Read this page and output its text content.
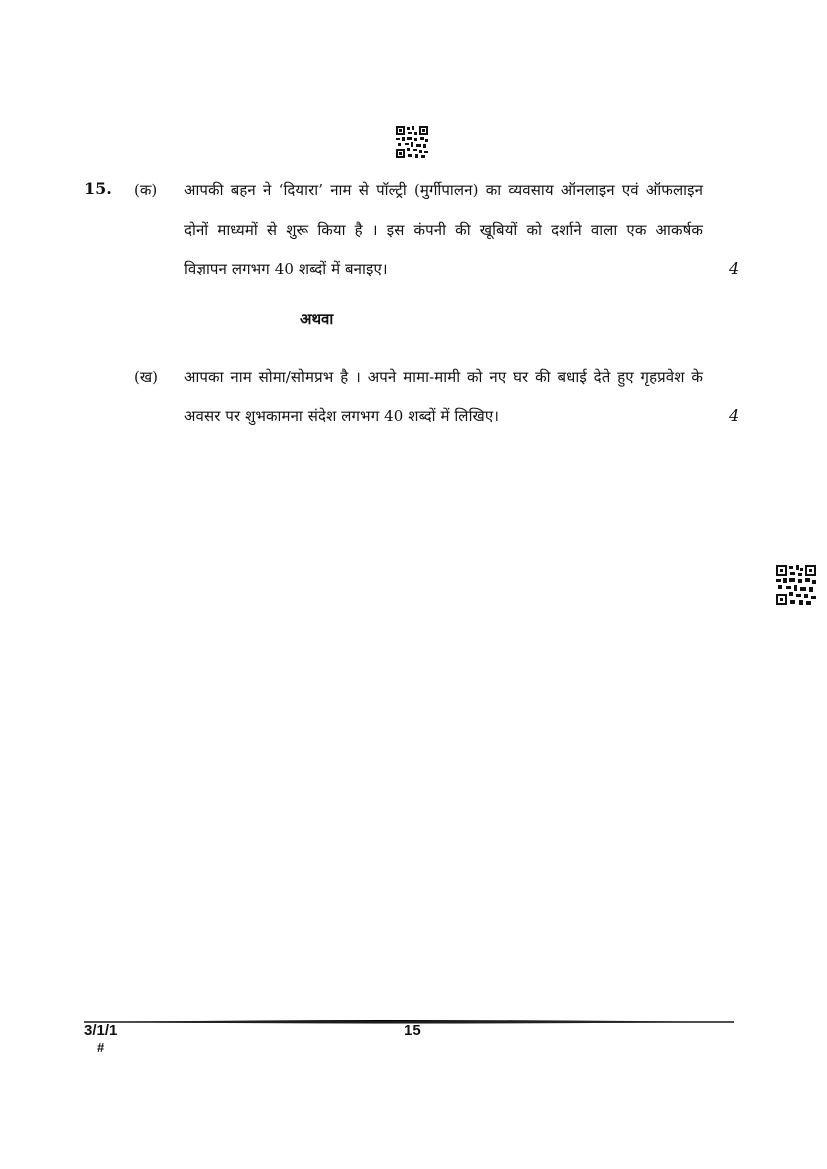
15. (क) आपकी बहन ने ‘दियारा’ नाम से पॉल्ट्री (मुर्गीपालन) का व्यवसाय ऑनलाइन एवं ऑफलाइन
दोनों माध्यमों से शुरू किया है । इस कंपनी की खूबियों को दर्शाने वाला एक आकर्षक
विज्ञापन लगभग 40 शब्दों में बनाइए।	4
अथवा
(ख) आपका नाम सोमा/सोमप्रभ है । अपने मामा-मामी को नए घर की बधाई देते हुए गृहप्रवेश के
अवसर पर शुभकामना संदेश लगभग 40 शब्दों में लिखिए।	4
3/1/1
#
15
